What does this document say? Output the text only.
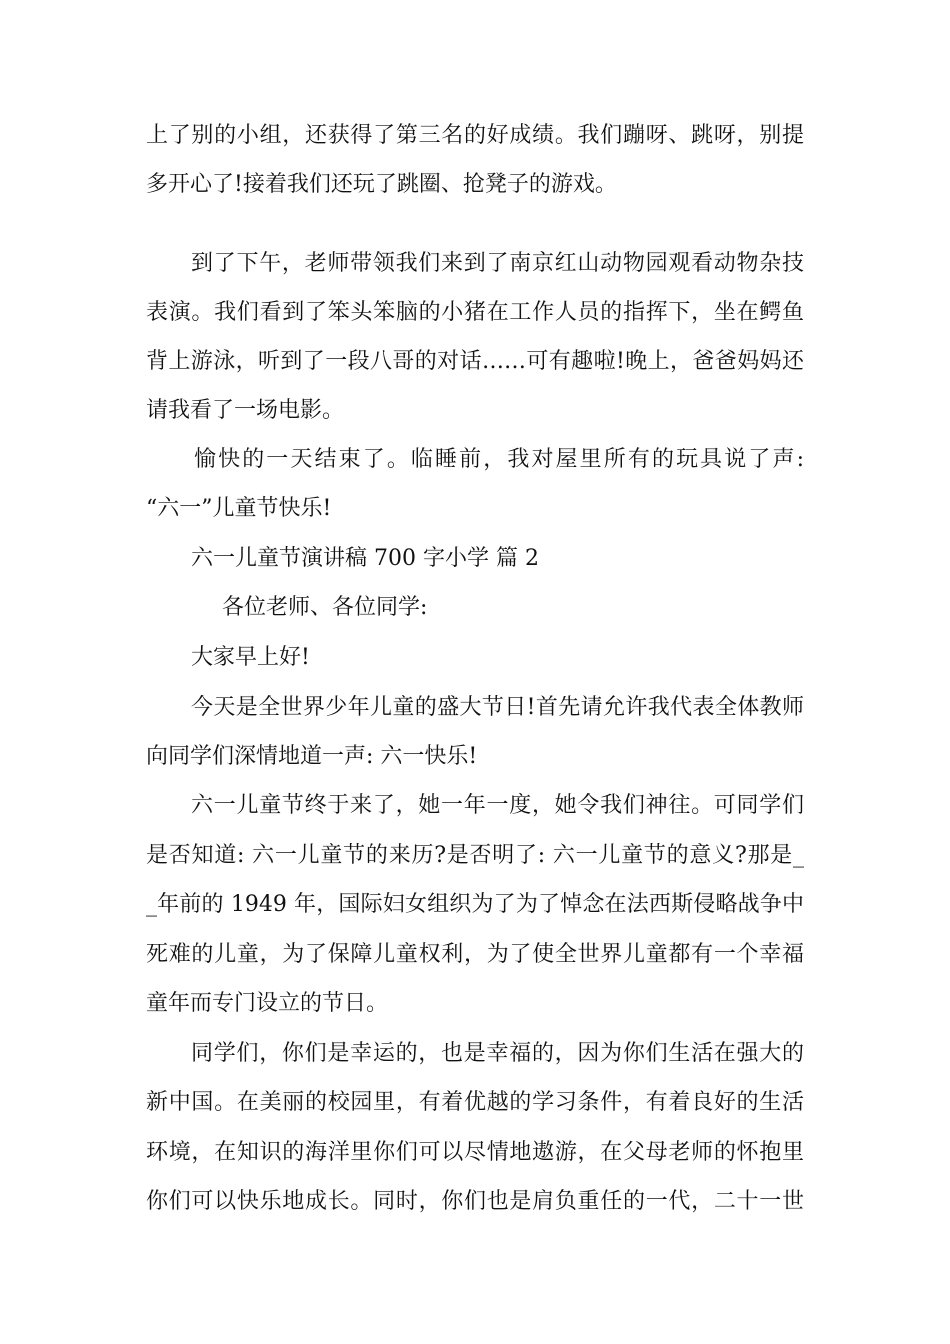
上了别的小组，还获得了第三名的好成绩。我们蹦呀、跳呀，别提
多开心了!接着我们还玩了跳圈、抢凳子的游戏。
到了下午，老师带领我们来到了南京红山动物园观看动物杂技
表演。我们看到了笨头笨脑的小猪在工作人员的指挥下，坐在鳄鱼
背上游泳，听到了一段八哥的对话……可有趣啦!晚上，爸爸妈妈还
请我看了一场电影。
愉快的一天结束了。临睡前，我对屋里所有的玩具说了声:
“六一”儿童节快乐!
六一儿童节演讲稿 700 字小学 篇 2
各位老师、各位同学:
大家早上好!
今天是全世界少年儿童的盛大节日!首先请允许我代表全体教师
向同学们深情地道一声: 六一快乐!
六一儿童节终于来了，她一年一度，她令我们神往。可同学们
是否知道: 六一儿童节的来历?是否明了: 六一儿童节的意义?那是_
_年前的 1949 年，国际妇女组织为了为了悼念在法西斯侵略战争中
死难的儿童，为了保障儿童权利，为了使全世界儿童都有一个幸福
童年而专门设立的节日。
同学们，你们是幸运的，也是幸福的，因为你们生活在强大的
新中国。在美丽的校园里，有着优越的学习条件，有着良好的生活
环境，在知识的海洋里你们可以尽情地遨游，在父母老师的怀抱里
你们可以快乐地成长。同时，你们也是肩负重任的一代，二十一世
